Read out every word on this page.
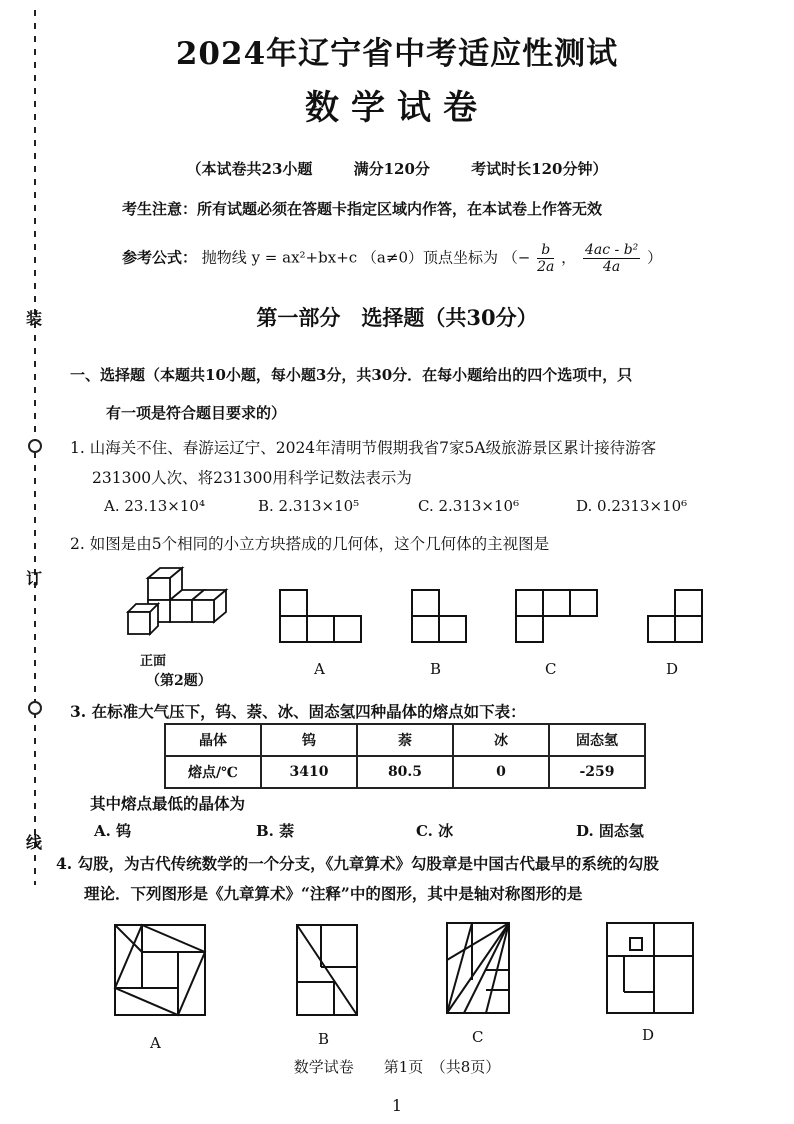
装
订
线
2024年辽宁省中考适应性测试
数学试卷
（本试卷共23小题	满分120分	考试时长120分钟）
考生注意：所有试题必须在答题卡指定区域内作答，在本试卷上作答无效
参考公式： 抛物线 y = ax²+bx+c （a≠0）顶点坐标为 （− $\frac{b}{2a}$ ， $\frac{\text{4ac - b²}}{4a}$ ）
第一部分　选择题（共30分）
一、选择题（本题共10小题，每小题3分，共30分．在每小题给出的四个选项中，只
有一项是符合题目要求的）
1. 山海关不住、春游运辽宁、2024年清明节假期我省7家5A级旅游景区累计接待游客
231300人次、将231300用科学记数法表示为
A. 23.13×10⁴	B. 2.313×10⁵	C. 2.313×10⁶	D. 0.2313×10⁶
2. 如图是由5个相同的小立方块搭成的几何体，这个几何体的主视图是
正面
（第2题）
A	B	C	D
3. 在标准大气压下，钨、萘、冰、固态氢四种晶体的熔点如下表：
晶体	钨	萘	冰	固态氢
熔点/℃	3410	80.5	0	-259
其中熔点最低的晶体为
A. 钨	B. 萘	C. 冰	D. 固态氢
4. 勾股，为古代传统数学的一个分支，《九章算术》勾股章是中国古代最早的系统的勾股
理论．下列图形是《九章算术》“注释”中的图形，其中是轴对称图形的是
A	B	C	D
数学试卷　　第1页　（共8页）
1
